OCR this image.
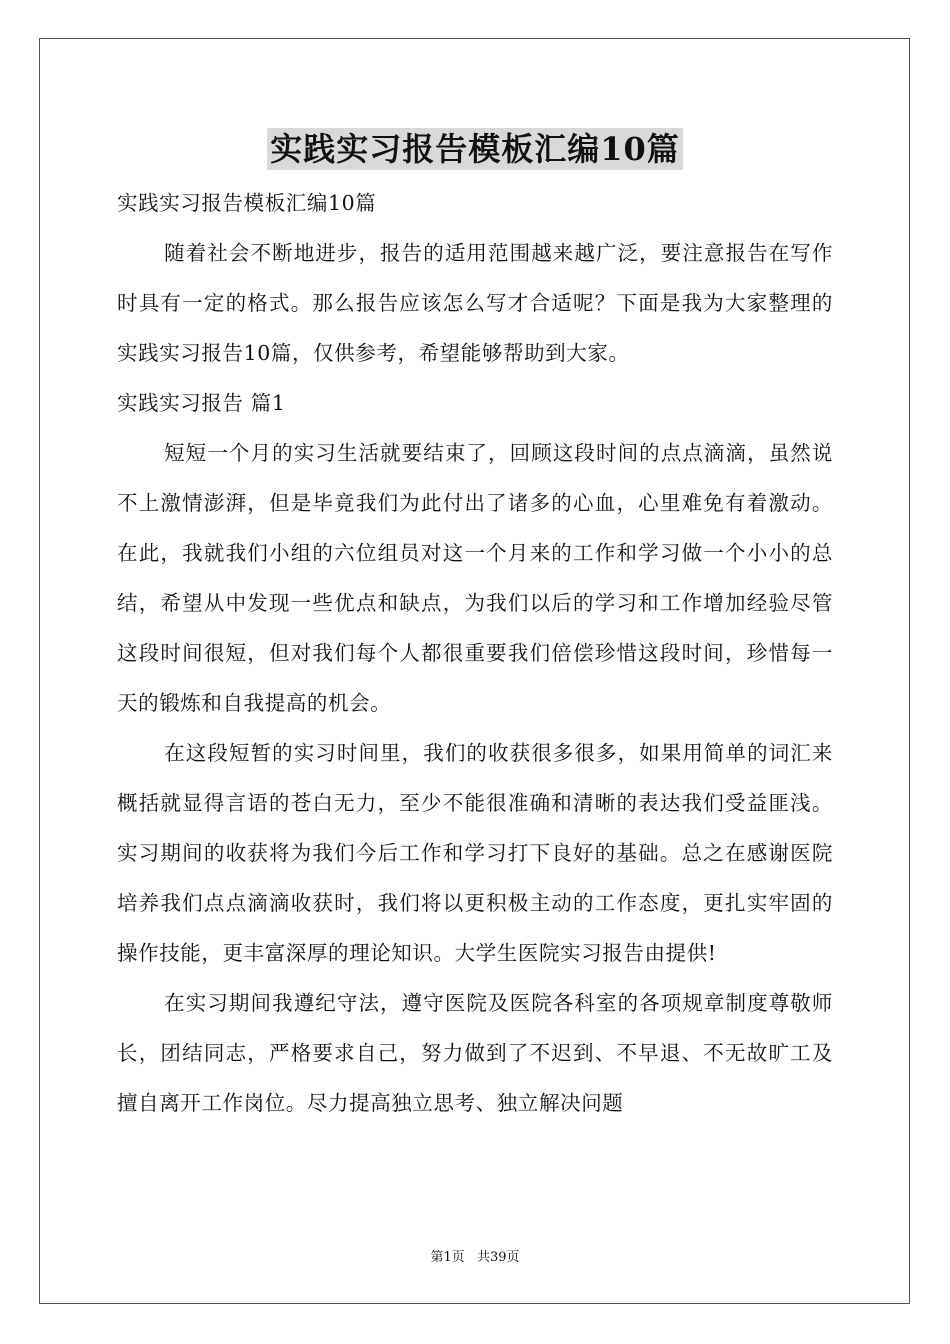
实践实习报告模板汇编10篇

实践实习报告模板汇编10篇

随着社会不断地进步，报告的适用范围越来越广泛，要注意报告在写作时具有一定的格式。那么报告应该怎么写才合适呢？下面是我为大家整理的实践实习报告10篇，仅供参考，希望能够帮助到大家。

实践实习报告 篇1

短短一个月的实习生活就要结束了，回顾这段时间的点点滴滴，虽然说不上激情澎湃，但是毕竟我们为此付出了诸多的心血，心里难免有着激动。在此，我就我们小组的六位组员对这一个月来的工作和学习做一个小小的总结，希望从中发现一些优点和缺点，为我们以后的学习和工作增加经验尽管这段时间很短，但对我们每个人都很重要我们倍偿珍惜这段时间，珍惜每一天的锻炼和自我提高的机会。

在这段短暂的实习时间里，我们的收获很多很多，如果用简单的词汇来概括就显得言语的苍白无力，至少不能很准确和清晰的表达我们受益匪浅。实习期间的收获将为我们今后工作和学习打下良好的基础。总之在感谢医院培养我们点点滴滴收获时，我们将以更积极主动的工作态度，更扎实牢固的操作技能，更丰富深厚的理论知识。大学生医院实习报告由提供!

在实习期间我遵纪守法，遵守医院及医院各科室的各项规章制度尊敬师长，团结同志，严格要求自己，努力做到了不迟到、不早退、不无故旷工及擅自离开工作岗位。尽力提高独立思考、独立解决问题

第1页 共39页
